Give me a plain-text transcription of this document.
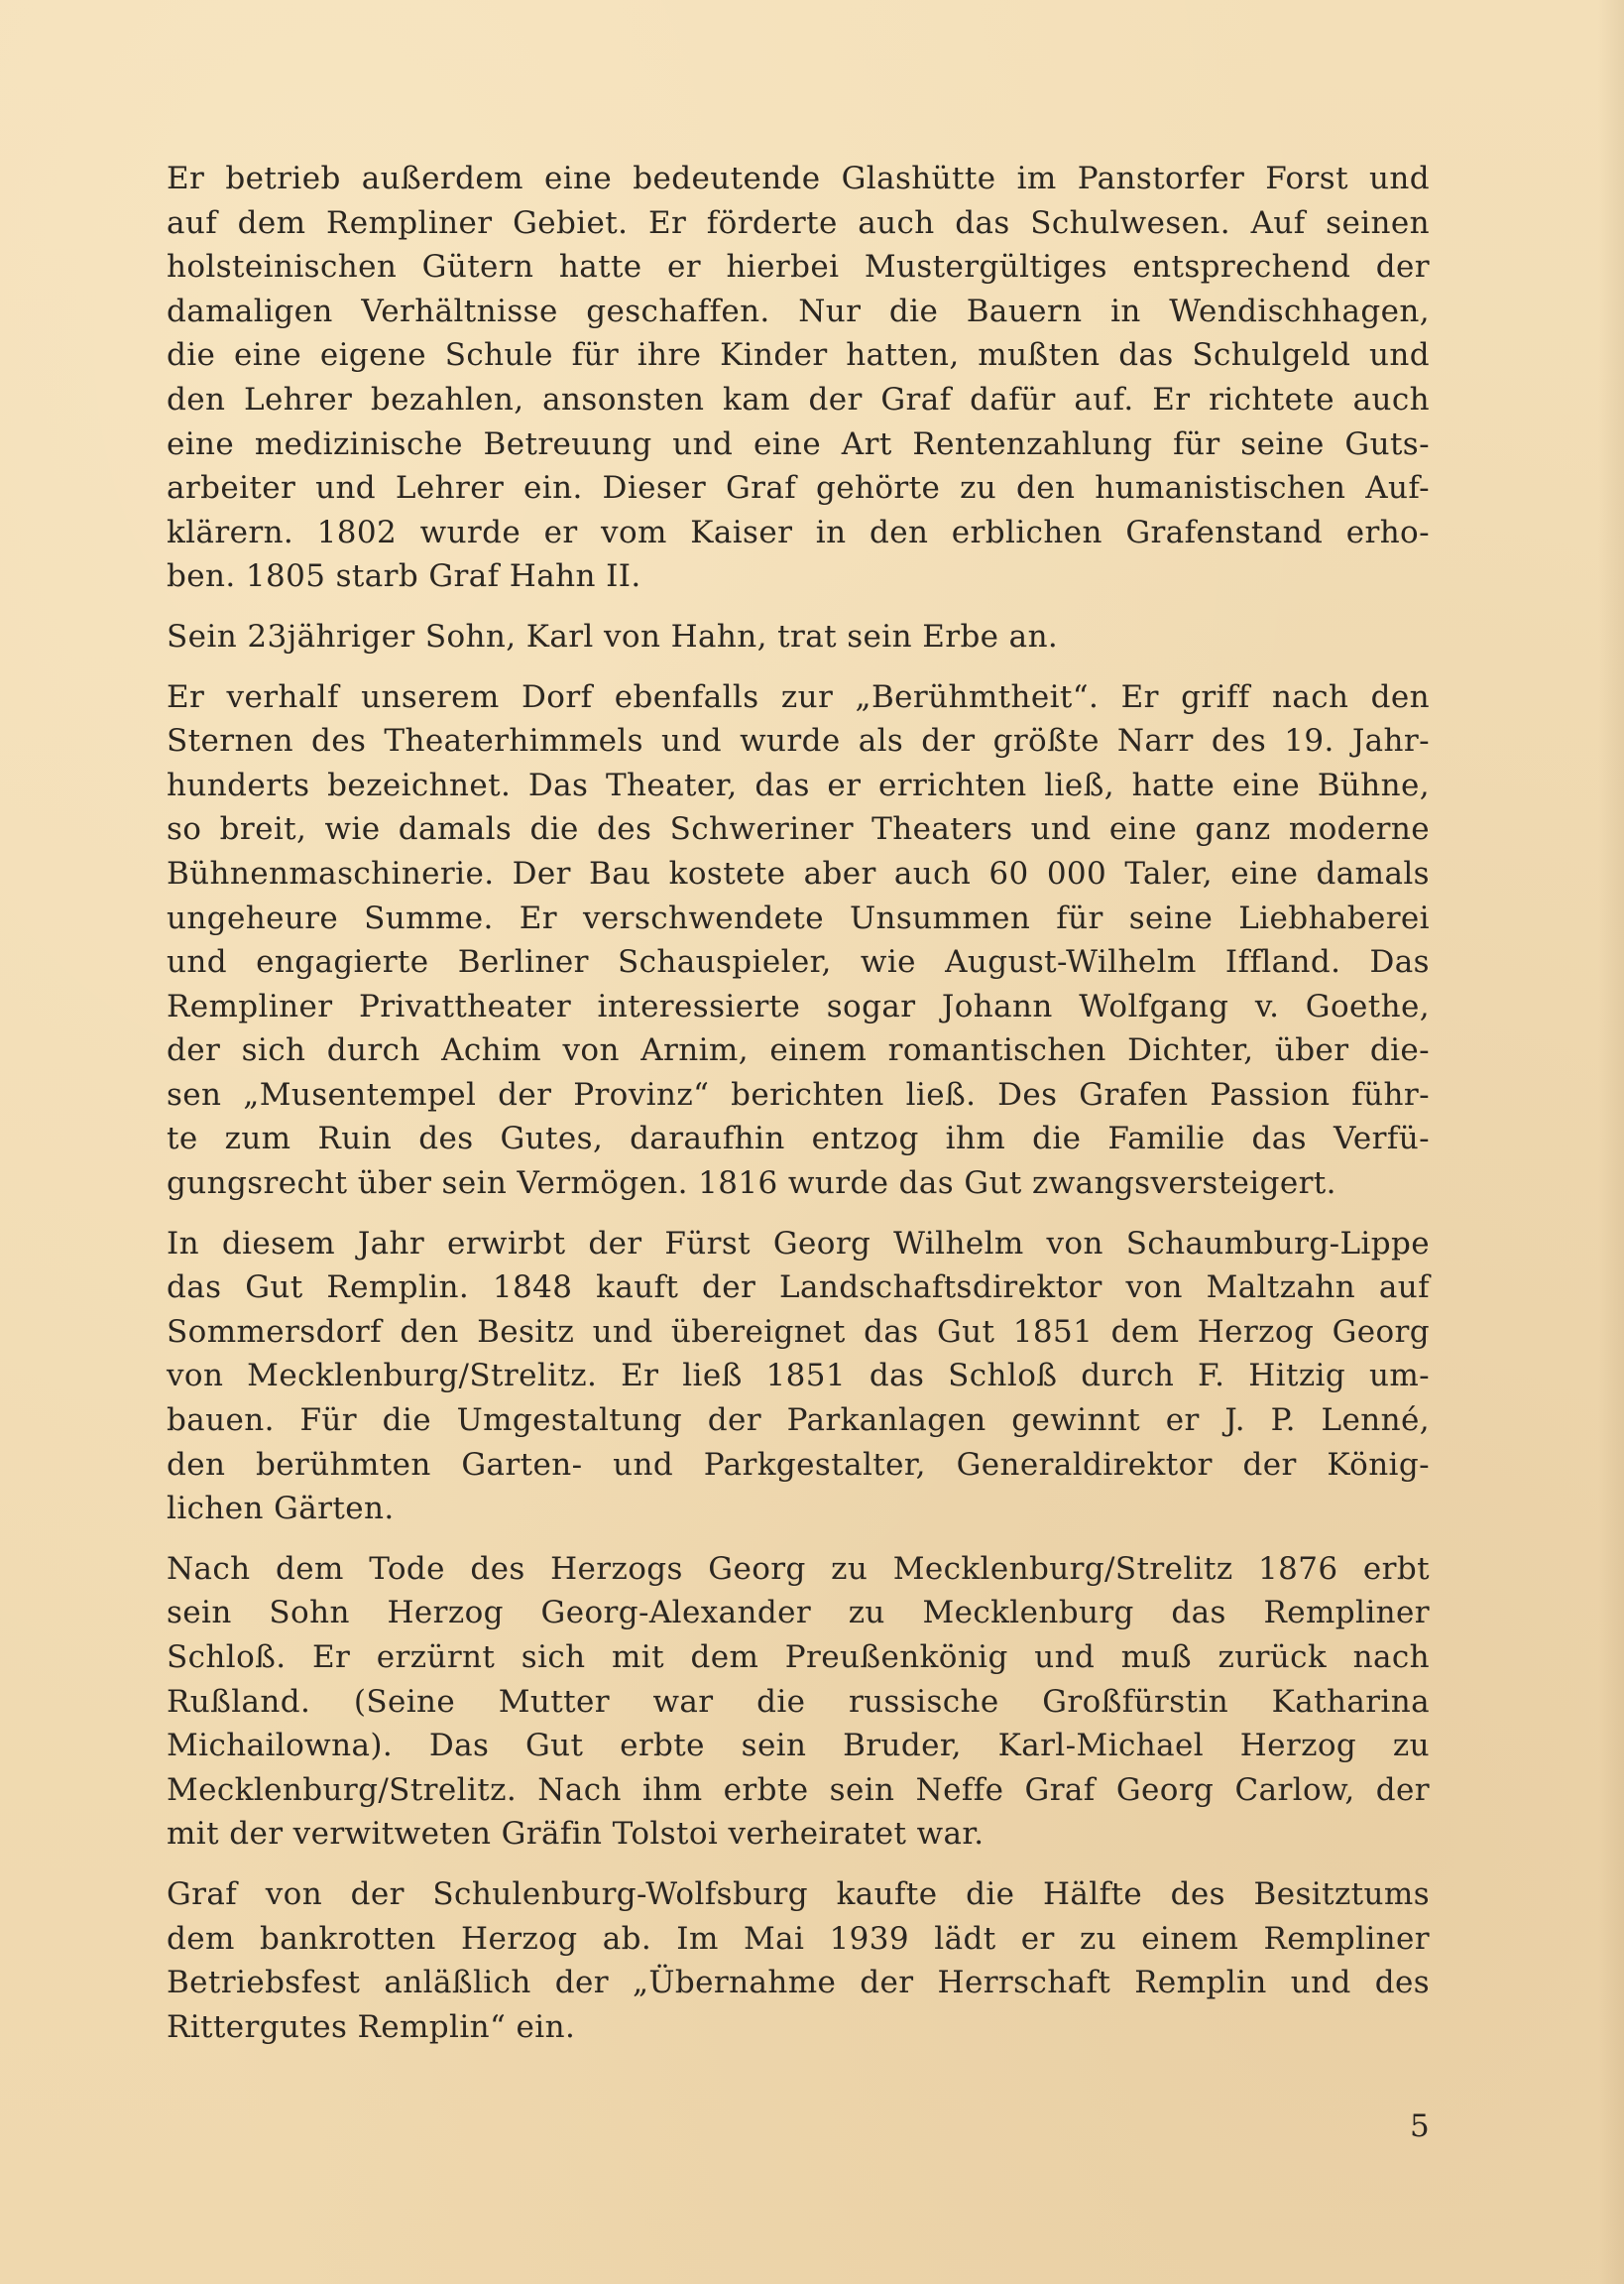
Er betrieb außerdem eine bedeutende Glashütte im Panstorfer Forst und
auf dem Rempliner Gebiet. Er förderte auch das Schulwesen. Auf seinen
holsteinischen Gütern hatte er hierbei Mustergültiges entsprechend der
damaligen Verhältnisse geschaffen. Nur die Bauern in Wendischhagen,
die eine eigene Schule für ihre Kinder hatten, mußten das Schulgeld und
den Lehrer bezahlen, ansonsten kam der Graf dafür auf. Er richtete auch
eine medizinische Betreuung und eine Art Rentenzahlung für seine Guts-
arbeiter und Lehrer ein. Dieser Graf gehörte zu den humanistischen Auf-
klärern. 1802 wurde er vom Kaiser in den erblichen Grafenstand erho-
ben. 1805 starb Graf Hahn II.

Sein 23jähriger Sohn, Karl von Hahn, trat sein Erbe an.

Er verhalf unserem Dorf ebenfalls zur „Berühmtheit“. Er griff nach den
Sternen des Theaterhimmels und wurde als der größte Narr des 19. Jahr-
hunderts bezeichnet. Das Theater, das er errichten ließ, hatte eine Bühne,
so breit, wie damals die des Schweriner Theaters und eine ganz moderne
Bühnenmaschinerie. Der Bau kostete aber auch 60 000 Taler, eine damals
ungeheure Summe. Er verschwendete Unsummen für seine Liebhaberei
und engagierte Berliner Schauspieler, wie August-Wilhelm Iffland. Das
Rempliner Privattheater interessierte sogar Johann Wolfgang v. Goethe,
der sich durch Achim von Arnim, einem romantischen Dichter, über die-
sen „Musentempel der Provinz“ berichten ließ. Des Grafen Passion führ-
te zum Ruin des Gutes, daraufhin entzog ihm die Familie das Verfü-
gungsrecht über sein Vermögen. 1816 wurde das Gut zwangsversteigert.

In diesem Jahr erwirbt der Fürst Georg Wilhelm von Schaumburg-Lippe
das Gut Remplin. 1848 kauft der Landschaftsdirektor von Maltzahn auf
Sommersdorf den Besitz und übereignet das Gut 1851 dem Herzog Georg
von Mecklenburg/Strelitz. Er ließ 1851 das Schloß durch F. Hitzig um-
bauen. Für die Umgestaltung der Parkanlagen gewinnt er J. P. Lenné,
den berühmten Garten- und Parkgestalter, Generaldirektor der König-
lichen Gärten.

Nach dem Tode des Herzogs Georg zu Mecklenburg/Strelitz 1876 erbt
sein Sohn Herzog Georg-Alexander zu Mecklenburg das Rempliner
Schloß. Er erzürnt sich mit dem Preußenkönig und muß zurück nach
Rußland. (Seine Mutter war die russische Großfürstin Katharina
Michailowna). Das Gut erbte sein Bruder, Karl-Michael Herzog zu
Mecklenburg/Strelitz. Nach ihm erbte sein Neffe Graf Georg Carlow, der
mit der verwitweten Gräfin Tolstoi verheiratet war.

Graf von der Schulenburg-Wolfsburg kaufte die Hälfte des Besitztums
dem bankrotten Herzog ab. Im Mai 1939 lädt er zu einem Rempliner
Betriebsfest anläßlich der „Übernahme der Herrschaft Remplin und des
Rittergutes Remplin“ ein.

5
